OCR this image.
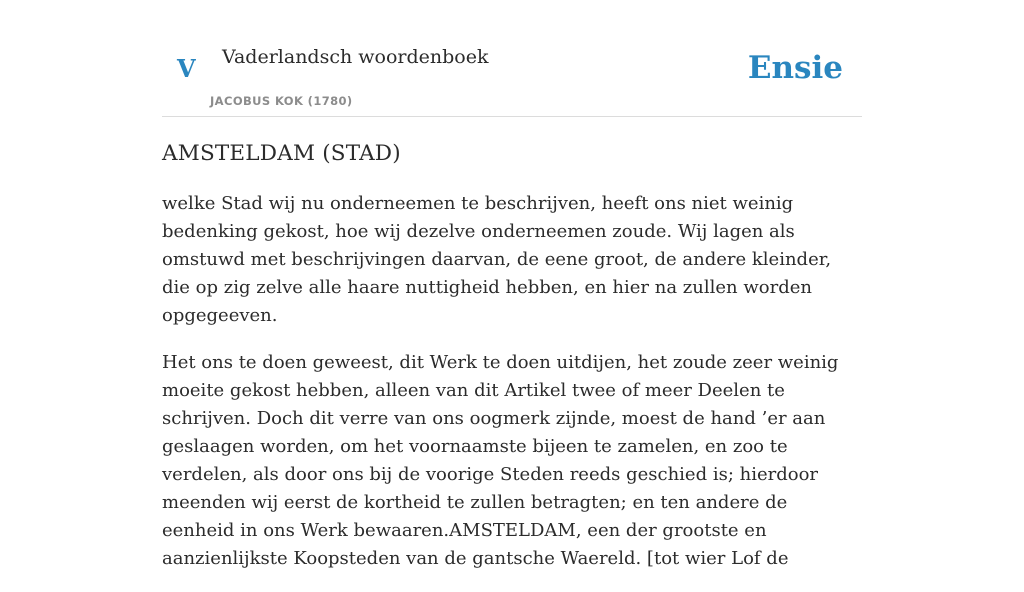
V Vaderlandsch woordenboek
JACOBUS KOK (1780)
Ensie
AMSTELDAM (STAD)

welke Stad wij nu onderneemen te beschrijven, heeft ons niet weinig bedenking gekost, hoe wij dezelve onderneemen zoude. Wij lagen als omstuwd met beschrijvingen daarvan, de eene groot, de andere kleinder, die op zig zelve alle haare nuttigheid hebben, en hier na zullen worden opgegeeven.

Het ons te doen geweest, dit Werk te doen uitdijen, het zoude zeer weinig moeite gekost hebben, alleen van dit Artikel twee of meer Deelen te schrijven. Doch dit verre van ons oogmerk zijnde, moest de hand ’er aan geslaagen worden, om het voornaamste bijeen te zamelen, en zoo te verdelen, als door ons bij de voorige Steden reeds geschied is; hierdoor meenden wij eerst de kortheid te zullen betragten; en ten andere de eenheid in ons Werk bewaaren.AMSTELDAM, een der grootste en aanzienlijkste Koopsteden van de gantsche Waereld. [tot wier Lof de
